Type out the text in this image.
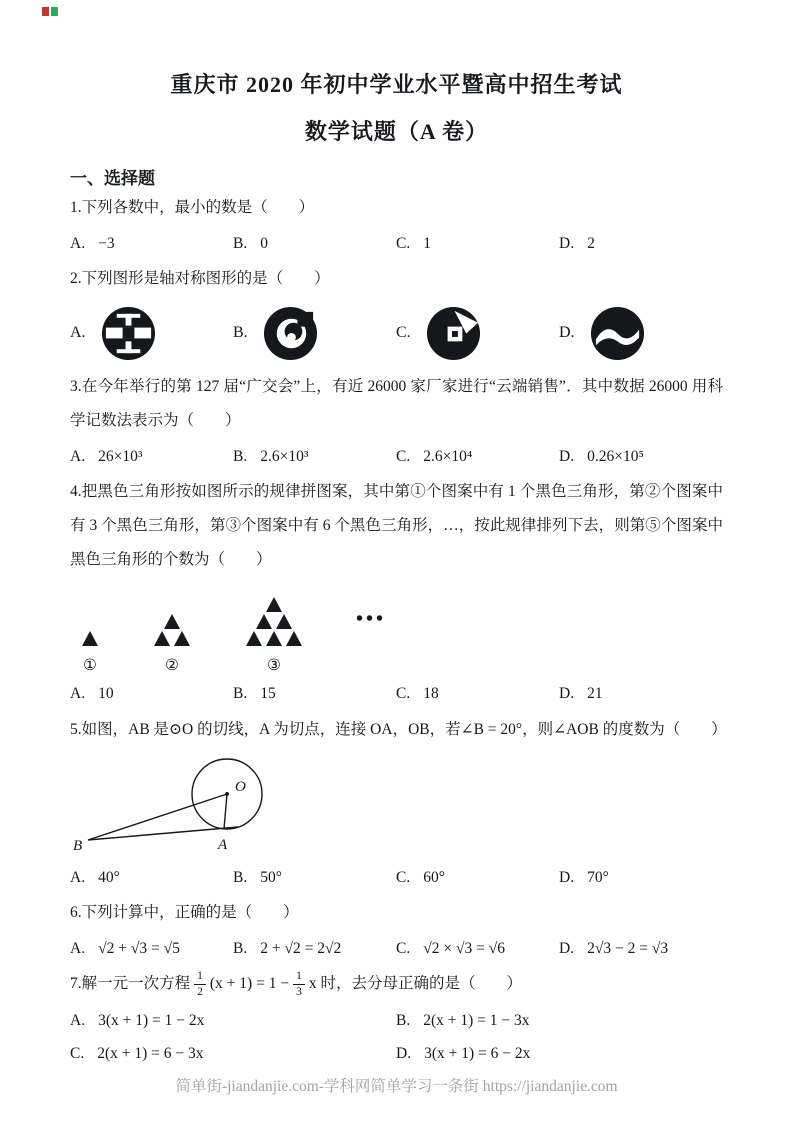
重庆市 2020 年初中学业水平暨高中招生考试
数学试题（A 卷）
一、选择题

1.下列各数中，最小的数是（　　）

A. −3	B. 0	C. 1	D. 2

2.下列图形是轴对称图形的是（　　）

A.	B.	C.	D.

3.在今年举行的第 127 届“广交会”上，有近 26000 家厂家进行“云端销售”．其中数据 26000 用科学记数法表示为（　　）

A. 26×10³	B. 2.6×10³	C. 2.6×10⁴	D. 0.26×10⁵

4.把黑色三角形按如图所示的规律拼图案，其中第①个图案中有 1 个黑色三角形，第②个图案中有 3 个黑色三角形，第③个图案中有 6 个黑色三角形，…，按此规律排列下去，则第⑤个图案中黑色三角形的个数为（　　）

①	②	③
•••
A. 10	B. 15	C. 18	D. 21

5.如图，AB 是⊙O 的切线，A 为切点，连接 OA，OB，若∠B = 20°，则∠AOB 的度数为（　　）

O
A
B
A. 40°	B. 50°	C. 60°	D. 70°

6.下列计算中，正确的是（　　）

A. √2 + √3 = √5	B. 2 + √2 = 2√2	C. √2 × √3 = √6	D. 2√3 − 2 = √3

7.解一元一次方程 $\frac{1}{2} (x + 1) = 1 - \frac{1}{3}$ x 时，去分母正确的是（　　）

A. 3(x + 1) = 1 − 2x	B. 2(x + 1) = 1 − 3x
C. 2(x + 1) = 6 − 3x	D. 3(x + 1) = 6 − 2x
简单街-jiandanjie.com-学科网简单学习一条街 https://jiandanjie.com
